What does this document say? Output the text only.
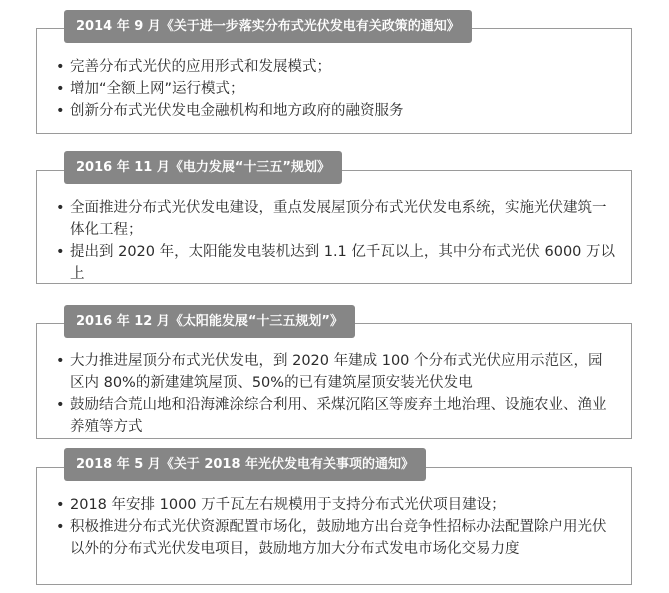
2014 年 9 月《关于进一步落实分布式光伏发电有关政策的通知》
• 完善分布式光伏的应用形式和发展模式；
• 增加“全额上网”运行模式；
• 创新分布式光伏发电金融机构和地方政府的融资服务
2016 年 11 月《电力发展“十三五”规划》
• 全面推进分布式光伏发电建设，重点发展屋顶分布式光伏发电系统，实施光伏建筑一体化工程；
• 提出到 2020 年，太阳能发电装机达到 1.1 亿千瓦以上，其中分布式光伏 6000 万以上
2016 年 12 月《太阳能发展“十三五规划”》
• 大力推进屋顶分布式光伏发电，到 2020 年建成 100 个分布式光伏应用示范区，园区内 80%的新建建筑屋顶、50%的已有建筑屋顶安装光伏发电
• 鼓励结合荒山地和沿海滩涂综合利用、采煤沉陷区等废弃土地治理、设施农业、渔业养殖等方式
2018 年 5 月《关于 2018 年光伏发电有关事项的通知》
• 2018 年安排 1000 万千瓦左右规模用于支持分布式光伏项目建设；
• 积极推进分布式光伏资源配置市场化，鼓励地方出台竞争性招标办法配置除户用光伏以外的分布式光伏发电项目，鼓励地方加大分布式发电市场化交易力度
